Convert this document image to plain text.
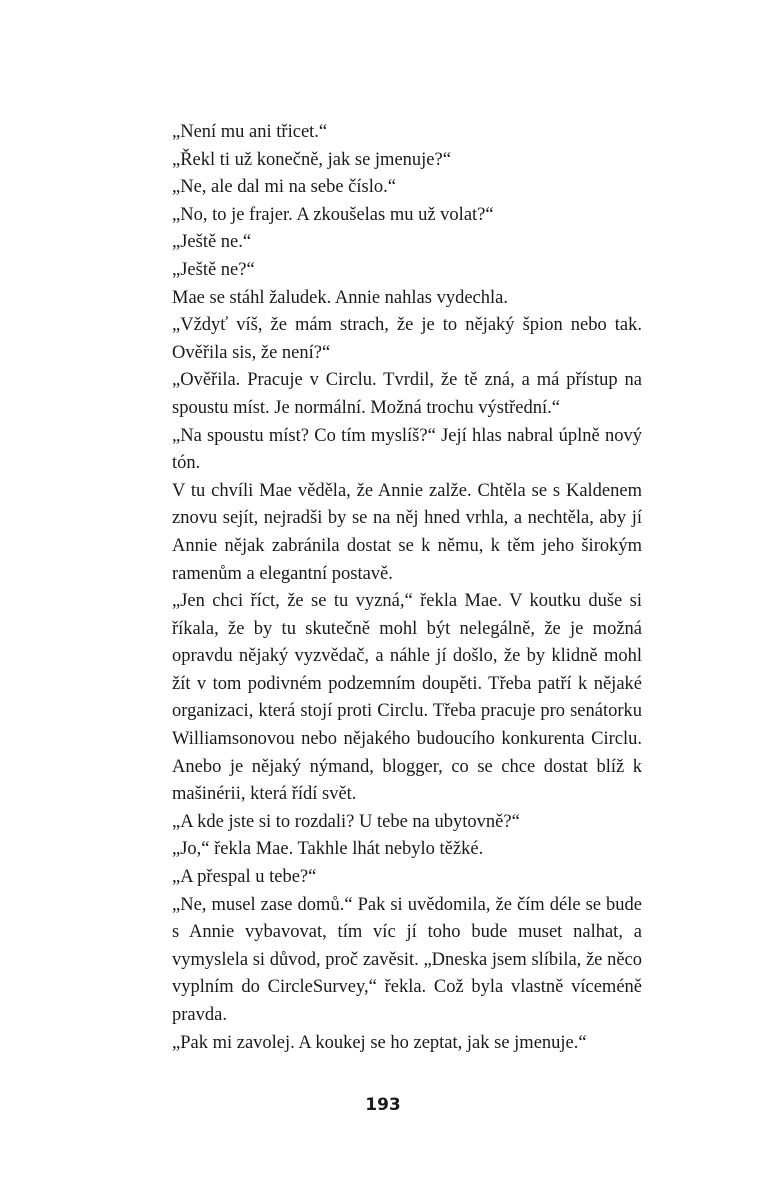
„Není mu ani třicet.“

„Řekl ti už konečně, jak se jmenuje?“

„Ne, ale dal mi na sebe číslo.“

„No, to je frajer. A zkoušelas mu už volat?“

„Ještě ne.“

„Ještě ne?“

Mae se stáhl žaludek. Annie nahlas vydechla.

„Vždyť víš, že mám strach, že je to nějaký špion nebo tak. Ověřila sis, že není?“

„Ověřila. Pracuje v Circlu. Tvrdil, že tě zná, a má přístup na spoustu míst. Je normální. Možná trochu výstřední.“

„Na spoustu míst? Co tím myslíš?“ Její hlas nabral úplně nový tón.

V tu chvíli Mae věděla, že Annie zalže. Chtěla se s Kaldenem znovu sejít, nejradši by se na něj hned vrhla, a nechtěla, aby jí Annie nějak zabránila dostat se k němu, k těm jeho širokým ramenům a elegantní postavě.

„Jen chci říct, že se tu vyzná,“ řekla Mae. V koutku duše si říkala, že by tu skutečně mohl být nelegálně, že je možná opravdu nějaký vyzvědač, a náhle jí došlo, že by klidně mohl žít v tom podivném podzemním doupěti. Třeba patří k nějaké organizaci, která stojí proti Circlu. Třeba pracuje pro senátorku Williamsonovou nebo nějakého budoucího konkurenta Circlu. Anebo je nějaký nýmand, blogger, co se chce dostat blíž k mašinérii, která řídí svět.

„A kde jste si to rozdali? U tebe na ubytovně?“

„Jo,“ řekla Mae. Takhle lhát nebylo těžké.

„A přespal u tebe?“

„Ne, musel zase domů.“ Pak si uvědomila, že čím déle se bude s Annie vybavovat, tím víc jí toho bude muset nalhat, a vymyslela si důvod, proč zavěsit. „Dneska jsem slíbila, že něco vyplním do CircleSurvey,“ řekla. Což byla vlastně víceméně pravda.

„Pak mi zavolej. A koukej se ho zeptat, jak se jmenuje.“

193
